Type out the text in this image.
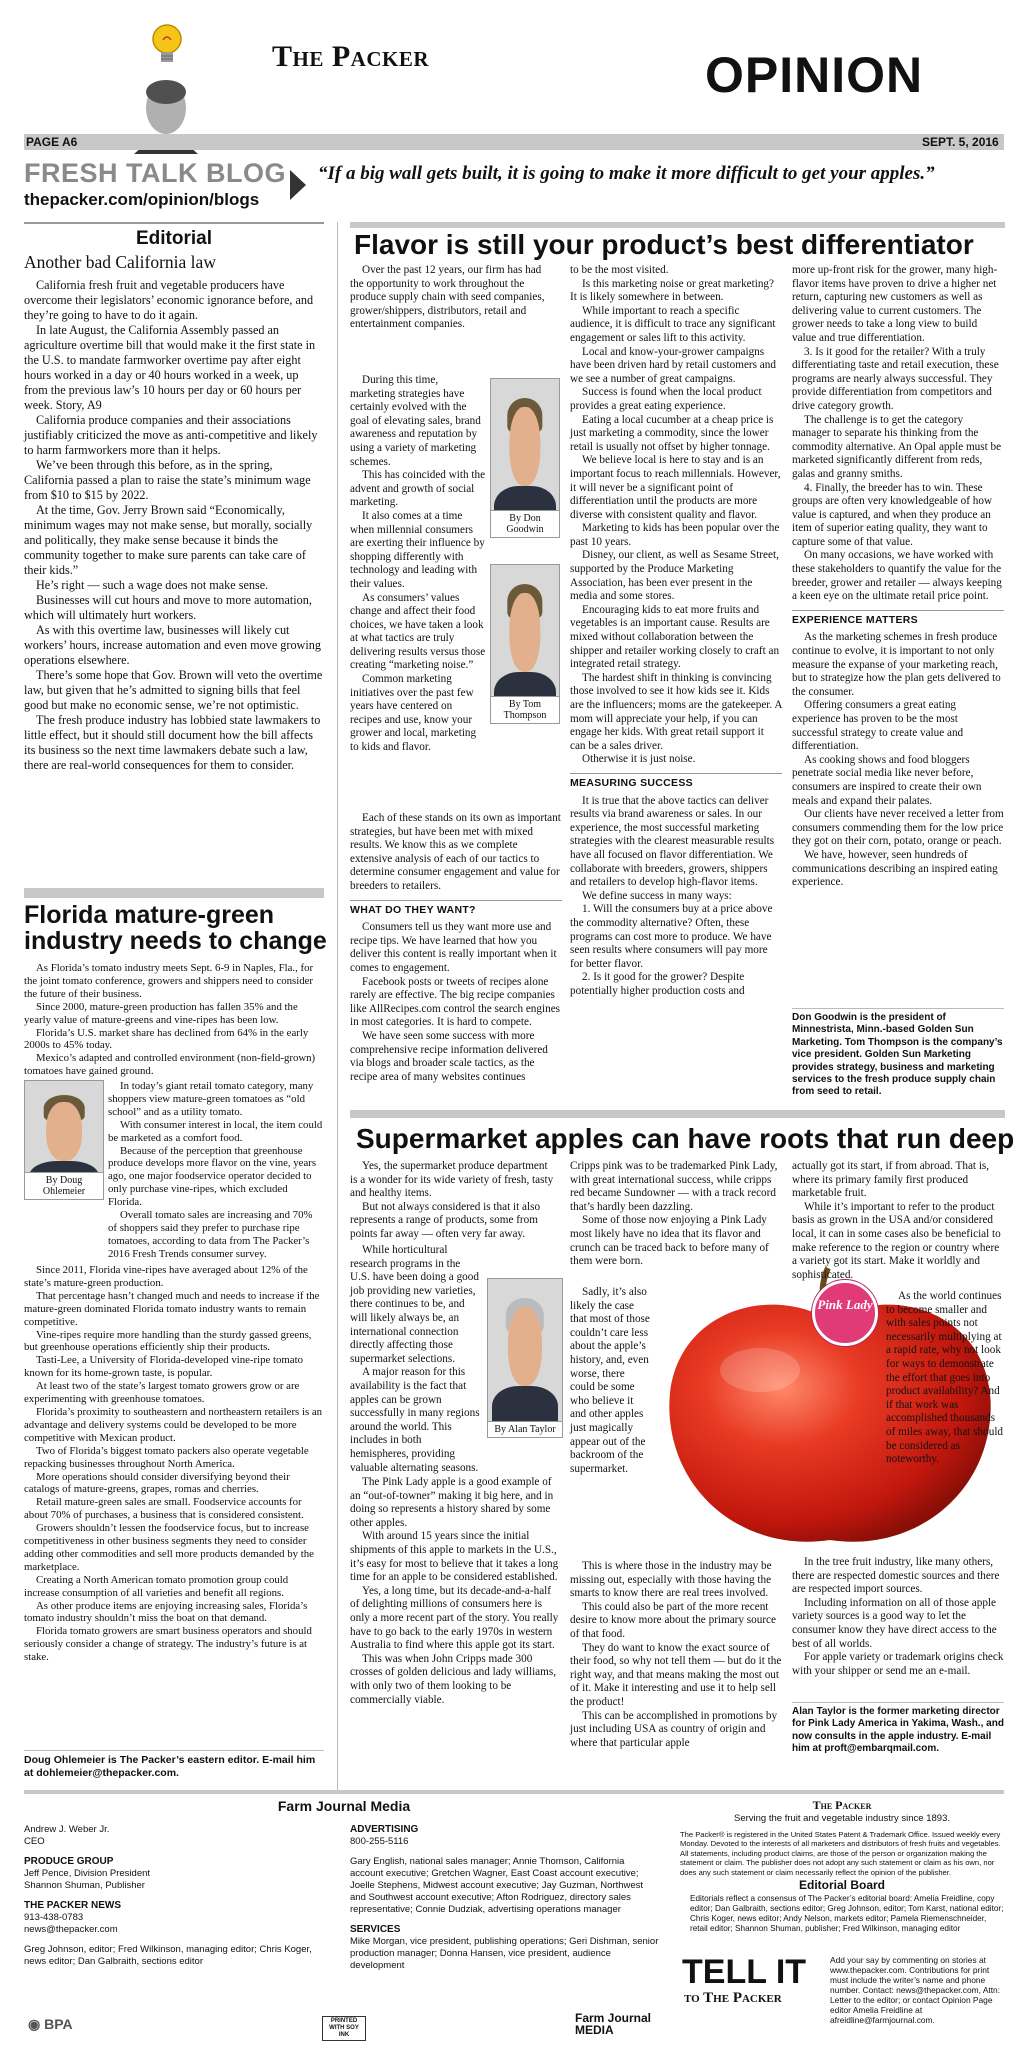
The Packer	OPINION
PAGE A6	SEPT. 5, 2016
FRESH TALK BLOG
thepacker.com/opinion/blogs
“If a big wall gets built, it is going to make it more difficult to get your apples.”
Editorial
Another bad California law

California fresh fruit and vegetable producers have overcome their legislators’ economic ignorance before, and they’re going to have to do it again.

In late August, the California Assembly passed an agriculture overtime bill that would make it the first state in the U.S. to mandate farmworker overtime pay after eight hours worked in a day or 40 hours worked in a week, up from the previous law’s 10 hours per day or 60 hours per week. Story, A9

California produce companies and their associations justifiably criticized the move as anti-competitive and likely to harm farmworkers more than it helps.

We’ve been through this before, as in the spring, California passed a plan to raise the state’s minimum wage from $10 to $15 by 2022.

At the time, Gov. Jerry Brown said “Economically, minimum wages may not make sense, but morally, socially and politically, they make sense because it binds the community together to make sure parents can take care of their kids.”

He’s right — such a wage does not make sense.

Businesses will cut hours and move to more automation, which will ultimately hurt workers.

As with this overtime law, businesses will likely cut workers’ hours, increase automation and even move growing operations elsewhere.

There’s some hope that Gov. Brown will veto the overtime law, but given that he’s admitted to signing bills that feel good but make no economic sense, we’re not optimistic.

The fresh produce industry has lobbied state lawmakers to little effect, but it should still document how the bill affects its business so the next time lawmakers debate such a law, there are real-world consequences for them to consider.

Florida mature-green industry needs to change

As Florida’s tomato industry meets Sept. 6-9 in Naples, Fla., for the joint tomato conference, growers and shippers need to consider the future of their business.

Since 2000, mature-green production has fallen 35% and the yearly value of mature-greens and vine-ripes has been low.

Florida’s U.S. market share has declined from 64% in the early 2000s to 45% today.

Mexico’s adapted and controlled environment (non-field-grown) tomatoes have gained ground.

By Doug Ohlemeier

In today’s giant retail tomato category, many shoppers view mature-green tomatoes as “old school” and as a utility tomato.

With consumer interest in local, the item could be marketed as a comfort food.

Because of the perception that greenhouse produce develops more flavor on the vine, years ago, one major foodservice operator decided to only purchase vine-ripes, which excluded Florida.

Overall tomato sales are increasing and 70% of shoppers said they prefer to purchase ripe tomatoes, according to data from The Packer’s 2016 Fresh Trends consumer survey.

Since 2011, Florida vine-ripes have averaged about 12% of the state’s mature-green production.

That percentage hasn’t changed much and needs to increase if the mature-green dominated Florida tomato industry wants to remain competitive.

Vine-ripes require more handling than the sturdy gassed greens, but greenhouse operations efficiently ship their products.

Tasti-Lee, a University of Florida-developed vine-ripe tomato known for its home-grown taste, is popular.

At least two of the state’s largest tomato growers grow or are experimenting with greenhouse tomatoes.

Florida’s proximity to southeastern and northeastern retailers is an advantage and delivery systems could be developed to be more competitive with Mexican product.

Two of Florida’s biggest tomato packers also operate vegetable repacking businesses throughout North America.

More operations should consider diversifying beyond their catalogs of mature-greens, grapes, romas and cherries.

Retail mature-green sales are small. Foodservice accounts for about 70% of purchases, a business that is considered consistent.

Growers shouldn’t lessen the foodservice focus, but to increase competitiveness in other business segments they need to consider adding other commodities and sell more products demanded by the marketplace.

Creating a North American tomato promotion group could increase consumption of all varieties and benefit all regions.

As other produce items are enjoying increasing sales, Florida’s tomato industry shouldn’t miss the boat on that demand.

Florida tomato growers are smart business operators and should seriously consider a change of strategy. The industry’s future is at stake.

Doug Ohlemeier is The Packer’s eastern editor. E-mail him at dohlemeier@thepacker.com.
Flavor is still your product’s best differentiator

Over the past 12 years, our firm has had the opportunity to work throughout the produce supply chain with seed companies, grower/shippers, distributors, retail and entertainment companies.

During this time, marketing strategies have certainly evolved with the goal of elevating sales, brand awareness and reputation by using a variety of marketing schemes.

This has coincided with the advent and growth of social marketing.

It also comes at a time when millennial consumers are exerting their influence by shopping differently with technology and leading with their values.

As consumers’ values change and affect their food choices, we have taken a look at what tactics are truly delivering results versus those creating “marketing noise.”

Common marketing initiatives over the past few years have centered on recipes and use, know your grower and local, marketing to kids and flavor.

By Don Goodwin
By Tom Thompson

Each of these stands on its own as important strategies, but have been met with mixed results. We know this as we complete extensive analysis of each of our tactics to determine consumer engagement and value for breeders to retailers.

WHAT DO THEY WANT?

Consumers tell us they want more use and recipe tips. We have learned that how you deliver this content is really important when it comes to engagement.

Facebook posts or tweets of recipes alone rarely are effective. The big recipe companies like AllRecipes.com control the search engines in most categories. It is hard to compete.

We have seen some success with more comprehensive recipe information delivered via blogs and broader scale tactics, as the recipe area of many websites continues

to be the most visited.

Is this marketing noise or great marketing? It is likely somewhere in between.

While important to reach a specific audience, it is difficult to trace any significant engagement or sales lift to this activity.

Local and know-your-grower campaigns have been driven hard by retail customers and we see a number of great campaigns.

Success is found when the local product provides a great eating experience.

Eating a local cucumber at a cheap price is just marketing a commodity, since the lower retail is usually not offset by higher tonnage.

We believe local is here to stay and is an important focus to reach millennials. However, it will never be a significant point of differentiation until the products are more diverse with consistent quality and flavor.

Marketing to kids has been popular over the past 10 years.

Disney, our client, as well as Sesame Street, supported by the Produce Marketing Association, has been ever present in the media and some stores.

Encouraging kids to eat more fruits and vegetables is an important cause. Results are mixed without collaboration between the shipper and retailer working closely to craft an integrated retail strategy.

The hardest shift in thinking is convincing those involved to see it how kids see it. Kids are the influencers; moms are the gatekeeper. A mom will appreciate your help, if you can engage her kids. With great retail support it can be a sales driver.

Otherwise it is just noise.

MEASURING SUCCESS

It is true that the above tactics can deliver results via brand awareness or sales. In our experience, the most successful marketing strategies with the clearest measurable results have all focused on flavor differentiation. We collaborate with breeders, growers, shippers and retailers to develop high-flavor items.

We define success in many ways:

1. Will the consumers buy at a price above the commodity alternative? Often, these programs can cost more to produce. We have seen results where consumers will pay more for better flavor.

2. Is it good for the grower? Despite potentially higher production costs and

more up-front risk for the grower, many high-flavor items have proven to drive a higher net return, capturing new customers as well as delivering value to current customers. The grower needs to take a long view to build value and true differentiation.

3. Is it good for the retailer? With a truly differentiating taste and retail execution, these programs are nearly always successful. They provide differentiation from competitors and drive category growth.

The challenge is to get the category manager to separate his thinking from the commodity alternative. An Opal apple must be marketed significantly different from reds, galas and granny smiths.

4. Finally, the breeder has to win. These groups are often very knowledgeable of how value is captured, and when they produce an item of superior eating quality, they want to capture some of that value.

On many occasions, we have worked with these stakeholders to quantify the value for the breeder, grower and retailer — always keeping a keen eye on the ultimate retail price point.

EXPERIENCE MATTERS

As the marketing schemes in fresh produce continue to evolve, it is important to not only measure the expanse of your marketing reach, but to strategize how the plan gets delivered to the consumer.

Offering consumers a great eating experience has proven to be the most successful strategy to create value and differentiation.

As cooking shows and food bloggers penetrate social media like never before, consumers are inspired to create their own meals and expand their palates.

Our clients have never received a letter from consumers commending them for the low price they got on their corn, potato, orange or peach.

We have, however, seen hundreds of communications describing an inspired eating experience.

Don Goodwin is the president of Minnestrista, Minn.-based Golden Sun Marketing. Tom Thompson is the company’s vice president. Golden Sun Marketing provides strategy, business and marketing services to the fresh produce supply chain from seed to retail.
Supermarket apples can have roots that run deep

Yes, the supermarket produce department is a wonder for its wide variety of fresh, tasty and healthy items.

But not always considered is that it also represents a range of products, some from points far away — often very far away.

While horticultural research programs in the U.S. have been doing a good job providing new varieties, there continues to be, and will likely always be, an international connection directly affecting those supermarket selections.

A major reason for this availability is the fact that apples can be grown successfully in many regions around the world. This includes in both hemispheres, providing valuable alternating seasons.

By Alan Taylor

The Pink Lady apple is a good example of an “out-of-towner” making it big here, and in doing so represents a history shared by some other apples.

With around 15 years since the initial shipments of this apple to markets in the U.S., it’s easy for most to believe that it takes a long time for an apple to be considered established.

Yes, a long time, but its decade-and-a-half of delighting millions of consumers here is only a more recent part of the story. You really have to go back to the early 1970s in western Australia to find where this apple got its start.

This was when John Cripps made 300 crosses of golden delicious and lady williams, with only two of them looking to be commercially viable.

Cripps pink was to be trademarked Pink Lady, with great international success, while cripps red became Sundowner — with a track record that’s hardly been dazzling.

Some of those now enjoying a Pink Lady most likely have no idea that its flavor and crunch can be traced back to before many of them were born.

Sadly, it’s also likely the case that most of those couldn’t care less about the apple’s history, and, even worse, there could be some who believe it and other apples just magically appear out of the backroom of the supermarket.

Pink Lady

This is where those in the industry may be missing out, especially with those having the smarts to know there are real trees involved.

This could also be part of the more recent desire to know more about the primary source of that food.

They do want to know the exact source of their food, so why not tell them — but do it the right way, and that means making the most out of it. Make it interesting and use it to help sell the product!

This can be accomplished in promotions by just including USA as country of origin and where that particular apple

actually got its start, if from abroad. That is, where its primary family first produced marketable fruit.

While it’s important to refer to the product basis as grown in the USA and/or considered local, it can in some cases also be beneficial to make reference to the region or country where a variety got its start. Make it worldly and sophisticated.

As the world continues to become smaller and with sales points not necessarily multiplying at a rapid rate, why not look for ways to demonstrate the effort that goes into product availability? And if that work was accomplished thousands of miles away, that should be considered as noteworthy.

In the tree fruit industry, like many others, there are respected domestic sources and there are respected import sources.

Including information on all of those apple variety sources is a good way to let the consumer know they have direct access to the best of all worlds.

For apple variety or trademark origins check with your shipper or send me an e-mail.

Alan Taylor is the former marketing director for Pink Lady America in Yakima, Wash., and now consults in the apple industry. E-mail him at proft@embarqmail.com.
Farm Journal Media
Andrew J. Weber Jr.
CEO
PRODUCE GROUP
Jeff Pence, Division President
Shannon Shuman, Publisher
THE PACKER NEWS
913-438-0783
news@thepacker.com
Greg Johnson, editor; Fred Wilkinson, managing editor; Chris Koger, news editor; Dan Galbraith, sections editor
ADVERTISING
800-255-5116
Gary English, national sales manager; Annie Thomson, California account executive; Gretchen Wagner, East Coast account executive; Joelle Stephens, Midwest account executive; Jay Guzman, Northwest and Southwest account executive; Afton Rodriguez, directory sales representative; Connie Dudziak, advertising operations manager
SERVICES
Mike Morgan, vice president, publishing operations; Geri Dishman, senior production manager; Donna Hansen, vice president, audience development
The Packer
Serving the fruit and vegetable industry since 1893.
The Packer® is registered in the United States Patent & Trademark Office. Issued weekly every Monday. Devoted to the interests of all marketers and distributors of fresh fruits and vegetables. All statements, including product claims, are those of the person or organization making the statement or claim. The publisher does not adopt any such statement or claim as his own, nor does any such statement or claim necessarily reflect the opinion of the publisher.
Editorial Board
Editorials reflect a consensus of The Packer’s editorial board: Amelia Freidline, copy editor; Dan Galbraith, sections editor; Greg Johnson, editor; Tom Karst, national editor; Chris Koger, news editor; Andy Nelson, markets editor; Pamela Riemenschneider, retail editor; Shannon Shuman, publisher; Fred Wilkinson, managing editor
TELL IT
to The Packer
Add your say by commenting on stories at www.thepacker.com. Contributions for print must include the writer’s name and phone number. Contact: news@thepacker.com, Attn: Letter to the editor; or contact Opinion Page editor Amelia Freidline at afreidline@farmjournal.com.
◉ BPA	PRINTED WITH SOY INK
Farm Journal MEDIA
